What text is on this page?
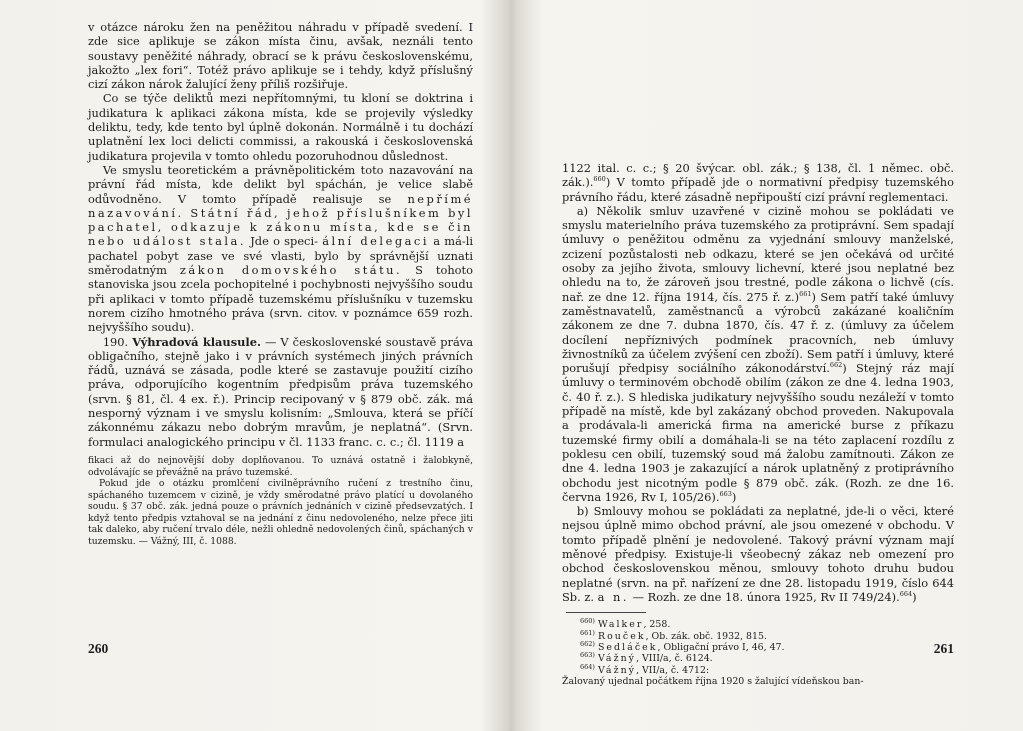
v otázce nároku žen na peněžitou náhradu v případě svedení. I zde sice aplikuje se zákon místa činu, avšak, neználi tento soustavy peněžité náhrady, obrací se k právu československému, jakožto „lex fori“. Totéž právo aplikuje se i tehdy, když příslušný cizí zákon nárok žalující ženy příliš rozšiřuje.

Co se týče deliktů mezi nepřítomnými, tu kloní se doktrina i judikatura k aplikaci zákona místa, kde se projevily výsledky deliktu, tedy, kde tento byl úplně dokonán. Normálně i tu dochází uplatnění lex loci delicti commissi, a rakouská i československá judikatura projevila v tomto ohledu pozoruhodnou důslednost.

Ve smyslu teoretickém a právněpolitickém toto nazavování na právní řád místa, kde delikt byl spáchán, je velice slabě odůvodněno. V tomto případě realisuje se nepřímé nazavování. Státní řád, jehož příslušníkem byl pachatel, odkazuje k zákonu místa, kde se čin nebo událost stala. Jde o speci- ální delegaci a má-li pachatel pobyt zase ve své vlasti, bylo by správnější uznati směrodatným zákon domovského státu. S tohoto stanoviska jsou zcela pochopitelné i pochybnosti nejvyššího soudu při aplikaci v tomto případě tuzemskému příslušníku v tuzemsku norem cizího hmotného práva (srvn. citov. v poznámce 659 rozh. nejvyššího soudu).

190. Výhradová klausule. — V československé soustavě práva obligačního, stejně jako i v právních systémech jiných právních řádů, uznává se zásada, podle které se zastavuje použití cizího práva, odporujícího kogentním předpisům práva tuzemského (srvn. § 81, čl. 4 ex. ř.). Princip recipovaný v § 879 obč. zák. má nesporný význam i ve smyslu kolisním: „Smlouva, která se příčí zákonnému zákazu nebo dobrým mravům, je neplatná“. (Srvn. formulaci analogického principu v čl. 1133 franc. c. c.; čl. 1119 a

fikaci až do nejnovější doby doplňovanou. To uznává ostatně i žalobkyně, odvolávajíc se převážně na právo tuzemské.

Pokud jde o otázku promlčení civilněprávního ručení z trestního činu, spáchaného tuzemcem v cizině, je vždy směrodatné právo platící u dovolaného soudu. § 37 obč. zák. jedná pouze o právních jednáních v cizině předsevzatých. I když tento předpis vztahoval se na jednání z činu nedovoleného, nelze přece jiti tak daleko, aby ručení trvalo déle, nežli ohledně nedovolených činů, spáchaných v tuzemsku. — Vážný, III, č. 1088.

260

1122 ital. c. c.; § 20 švýcar. obl. zák.; § 138, čl. 1 němec. obč. zák.).$^{660}$) V tomto případě jde o normativní předpisy tuzemského právního řádu, které zásadně nepřipouští cizí právní reglementaci.

a) Několik smluv uzavřené v cizině mohou se pokládati ve smyslu materielního práva tuzemského za protiprávní. Sem spadají úmluvy o peněžitou odměnu za vyjednání smlouvy manželské, zcizení pozůstalosti neb odkazu, které se jen očekává od určité osoby za jejího života, smlouvy lichevní, které jsou neplatné bez ohledu na to, že zároveň jsou trestné, podle zákona o lichvě (cís. nař. ze dne 12. října 1914, čís. 275 ř. z.)$^{661}$) Sem patří také úmluvy zaměstnavatelů, zaměstnanců a výrobců zakázané koaličním zákonem ze dne 7. dubna 1870, čís. 47 ř. z. (úmluvy za účelem docílení nepříznivých podmínek pracovních, neb úmluvy živnostníků za účelem zvýšení cen zboží). Sem patří i úmluvy, které porušují předpisy sociálního zákonodárství.$^{662}$) Stejný ráz mají úmluvy o terminovém obchodě obilím (zákon ze dne 4. ledna 1903, č. 40 ř. z.). S hlediska judikatury nejvyššího soudu nezáleží v tomto případě na místě, kde byl zakázaný obchod proveden. Nakupovala a prodávala-li americká firma na americké burse z příkazu tuzemské firmy obilí a domáhala-li se na této zaplacení rozdílu z poklesu cen obilí, tuzemský soud má žalobu zamítnouti. Zákon ze dne 4. ledna 1903 je zakazující a nárok uplatněný z protiprávního obchodu jest nicotným podle § 879 obč. zák. (Rozh. ze dne 16. června 1926, Rv I, 105/26).$^{663}$)

b) Smlouvy mohou se pokládati za neplatné, jde-li o věci, které nejsou úplně mimo obchod právní, ale jsou omezené v obchodu. V tomto případě plnění je nedovolené. Takový právní význam mají měnové předpisy. Existuje-li všeobecný zákaz neb omezení pro obchod československou měnou, smlouvy tohoto druhu budou neplatné (srvn. na př. nařízení ze dne 28. listopadu 1919, číslo 644 Sb. z. a n. — Rozh. ze dne 18. února 1925, Rv II 749/24).$^{664}$)

$^{660)}$ Walker, 258.
$^{661)}$ Rouček, Ob. zák. obč. 1932, 815.
$^{662)}$ Sedláček, Obligační právo I, 46, 47.
$^{663)}$ Vážný, VIII/a, č. 6124.
$^{664)}$ Vážný, VII/a, č. 4712:
Žalovaný ujednal počátkem října 1920 s žalující vídeňskou ban-
261
